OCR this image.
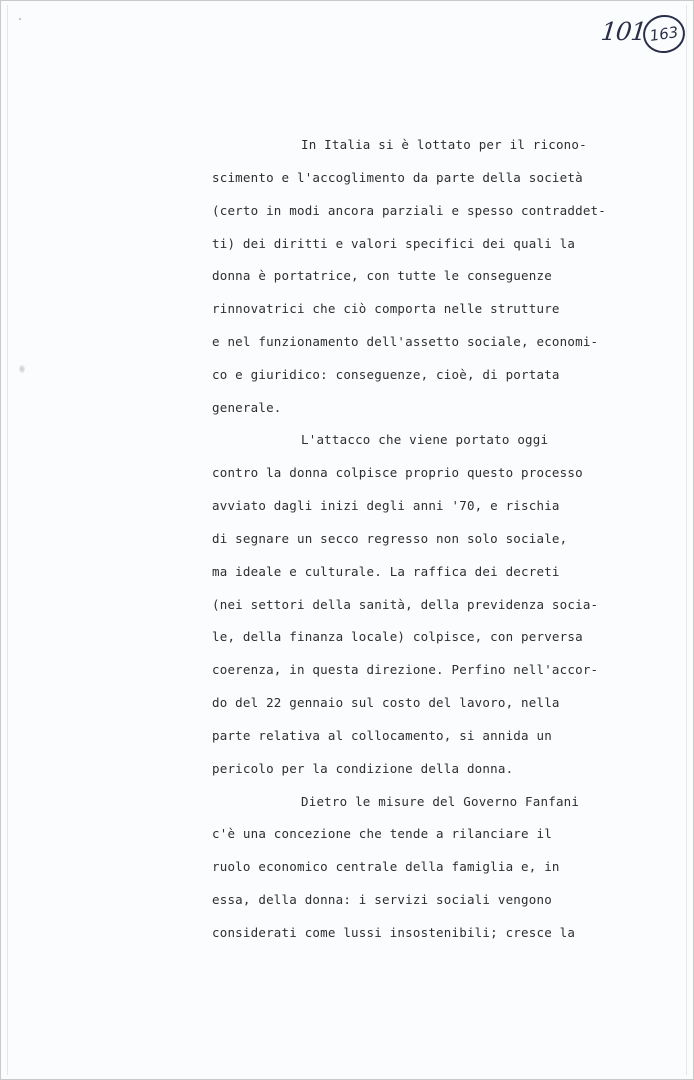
101 163
In Italia si è lottato per il ricono-
scimento e l'accoglimento da parte della società
(certo in modi ancora parziali e spesso contraddet-
ti) dei diritti e valori specifici dei quali la
donna è portatrice, con tutte le conseguenze
rinnovatrici che ciò comporta nelle strutture
e nel funzionamento dell'assetto sociale, economi-
co e giuridico: conseguenze, cioè, di portata
generale.
L'attacco che viene portato oggi
contro la donna colpisce proprio questo processo
avviato dagli inizi degli anni '70, e rischia
di segnare un secco regresso non solo sociale,
ma ideale e culturale. La raffica dei decreti
(nei settori della sanità, della previdenza socia-
le, della finanza locale) colpisce, con perversa
coerenza, in questa direzione. Perfino nell'accor-
do del 22 gennaio sul costo del lavoro, nella
parte relativa al collocamento, si annida un
pericolo per la condizione della donna.
Dietro le misure del Governo Fanfani
c'è una concezione che tende a rilanciare il
ruolo economico centrale della famiglia e, in
essa, della donna: i servizi sociali vengono
considerati come lussi insostenibili; cresce la
